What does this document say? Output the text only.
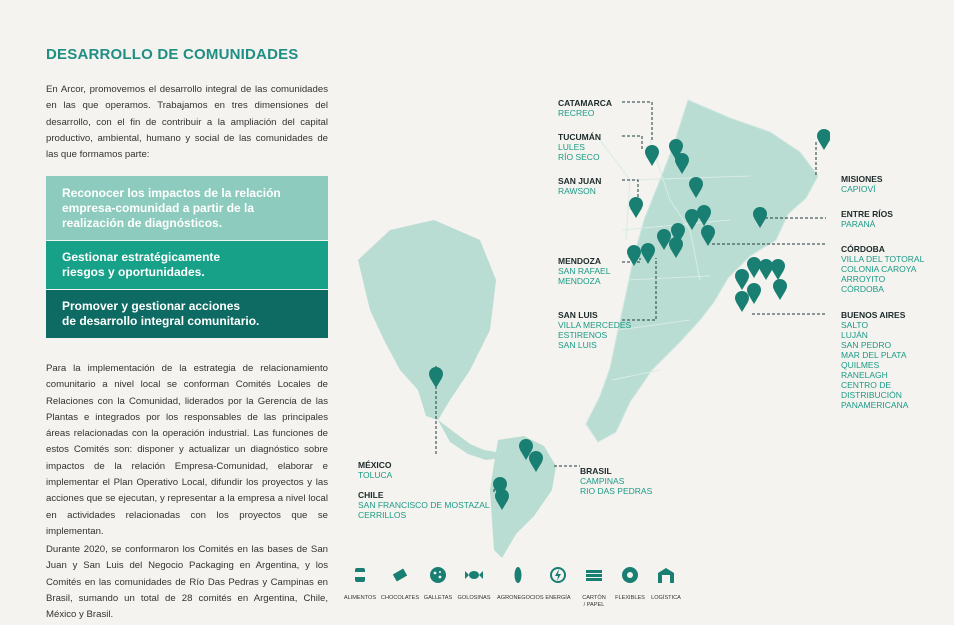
DESARROLLO DE COMUNIDADES
En Arcor, promovemos el desarrollo integral de las comunidades en las que operamos. Trabajamos en tres dimensiones del desarrollo, con el fin de contribuir a la ampliación del capital productivo, ambiental, humano y social de las comunidades de las que formamos parte:
Reconocer los impactos de la relación
empresa-comunidad a partir de la
realización de diagnósticos.
Gestionar estratégicamente
riesgos y oportunidades.
Promover y gestionar acciones
de desarrollo integral comunitario.
Para la implementación de la estrategia de relacionamiento comunitario a nivel local se conforman Comités Locales de Relaciones con la Comunidad, liderados por la Gerencia de las Plantas e integrados por los responsables de las principales áreas relacionadas con la operación industrial. Las funciones de estos Comités son: disponer y actualizar un diagnóstico sobre impactos de la relación Empresa-Comunidad, elaborar e implementar el Plan Operativo Local, difundir los proyectos y las acciones que se ejecutan, y representar a la empresa a nivel local en actividades relacionadas con los proyectos que se implementan.
Durante 2020, se conformaron los Comités en las bases de San Juan y San Luis del Negocio Packaging en Argentina, y los Comités en las comunidades de Río Das Pedras y Campinas en Brasil, sumando un total de 28 comités en Argentina, Chile, México y Brasil.
CATAMARCA
RECREO
TUCUMÁN
LULES
RÍO SECO
SAN JUAN
RAWSON
MENDOZA
SAN RAFAEL
MENDOZA
SAN LUIS
VILLA MERCEDES
ESTIRENOS
SAN LUIS
MISIONES
CAPIOVÍ
ENTRE RÍOS
PARANÁ
CÓRDOBA
VILLA DEL TOTORAL
COLONIA CAROYA
ARROYITO
CÓRDOBA
BUENOS AIRES
SALTO
LUJÁN
SAN PEDRO
MAR DEL PLATA
QUILMES
RANELAGH
CENTRO DE
DISTRIBUCIÓN
PANAMERICANA
MÉXICO
TOLUCA
CHILE
SAN FRANCISCO DE MOSTAZAL
CERRILLOS
BRASIL
CAMPINAS
RIO DAS PEDRAS
ALIMENTOS CHOCOLATES GALLETAS GOLOSINAS	AGRONEGOCIOS ENERGÍA	CARTÓN
/ PAPEL
FLEXIBLES	LOGÍSTICA
